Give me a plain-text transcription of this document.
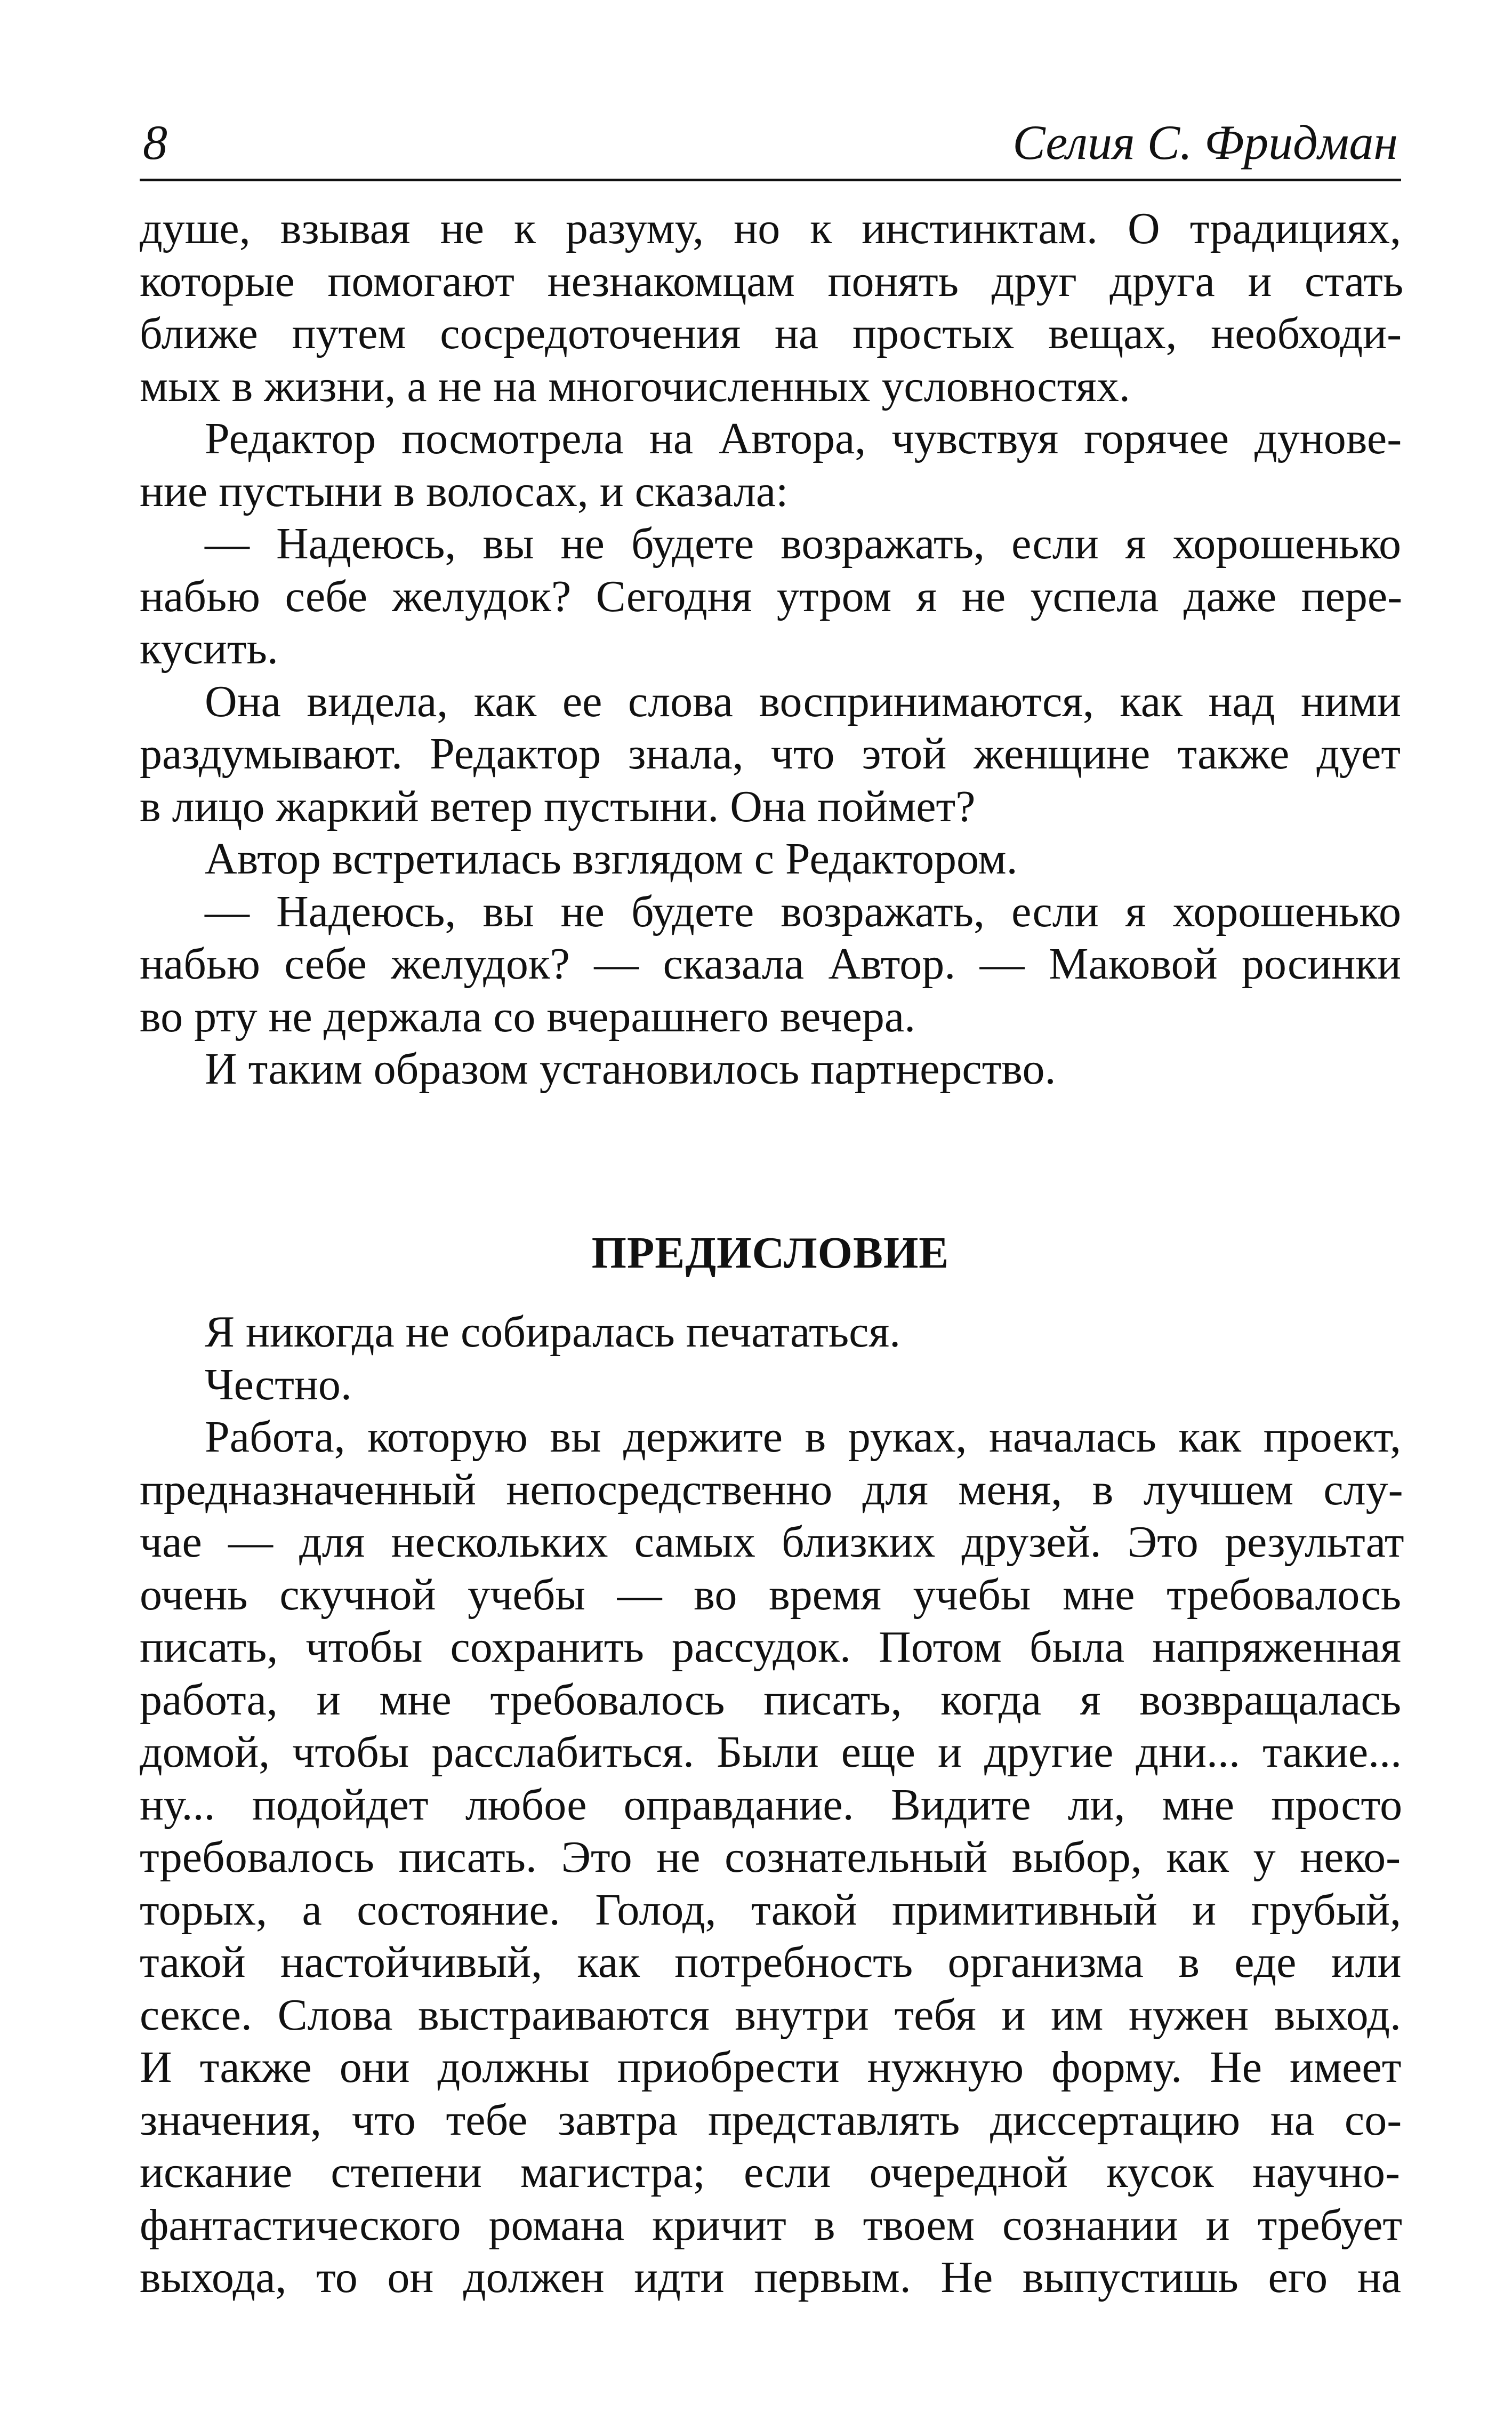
8	Селия С. Фридман
душе, взывая не к разуму, но к инстинктам. О традициях,
которые помогают незнакомцам понять друг друга и стать
ближе путем сосредоточения на простых вещах, необходи-
мых в жизни, а не на многочисленных условностях.
Редактор посмотрела на Автора, чувствуя горячее дунове-
ние пустыни в волосах, и сказала:
— Надеюсь, вы не будете возражать, если я хорошенько
набью себе желудок? Сегодня утром я не успела даже пере-
кусить.
Она видела, как ее слова воспринимаются, как над ними
раздумывают. Редактор знала, что этой женщине также дует
в лицо жаркий ветер пустыни. Она поймет?
Автор встретилась взглядом с Редактором.
— Надеюсь, вы не будете возражать, если я хорошенько
набью себе желудок? — сказала Автор. — Маковой росинки
во рту не держала со вчерашнего вечера.
И таким образом установилось партнерство.
ПРЕДИСЛОВИЕ
Я никогда не собиралась печататься.
Честно.
Работа, которую вы держите в руках, началась как проект,
предназначенный непосредственно для меня, в лучшем слу-
чае — для нескольких самых близких друзей. Это результат
очень скучной учебы — во время учебы мне требовалось
писать, чтобы сохранить рассудок. Потом была напряженная
работа, и мне требовалось писать, когда я возвращалась
домой, чтобы расслабиться. Были еще и другие дни... такие...
ну... подойдет любое оправдание. Видите ли, мне просто
требовалось писать. Это не сознательный выбор, как у неко-
торых, а состояние. Голод, такой примитивный и грубый,
такой настойчивый, как потребность организма в еде или
сексе. Слова выстраиваются внутри тебя и им нужен выход.
И также они должны приобрести нужную форму. Не имеет
значения, что тебе завтра представлять диссертацию на со-
искание степени магистра; если очередной кусок научно-
фантастического романа кричит в твоем сознании и требует
выхода, то он должен идти первым. Не выпустишь его на
